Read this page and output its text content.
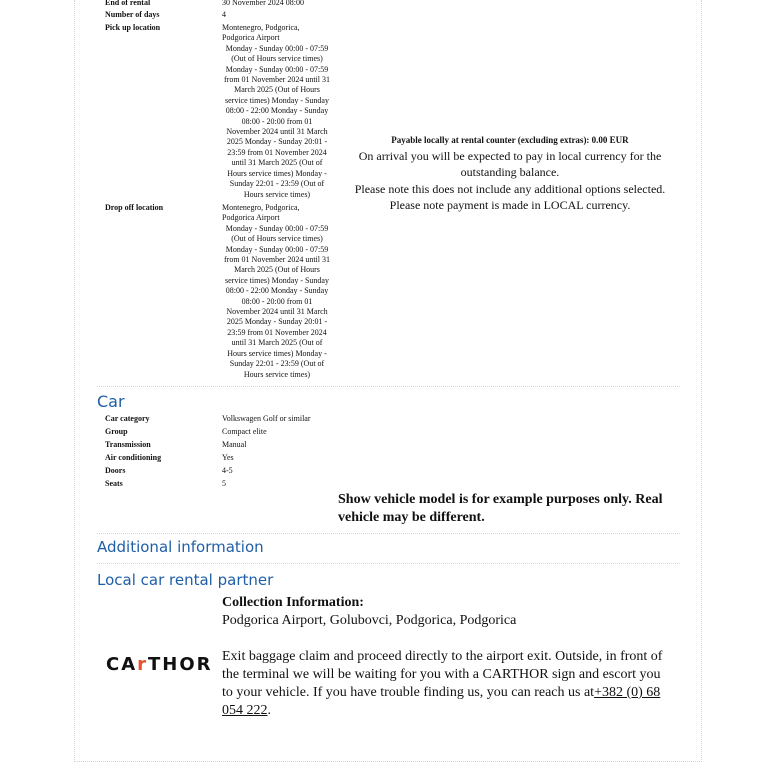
End of rental	30 November 2024 08:00
Number of days	4
Pick up location	Montenegro, Podgorica,
Podgorica Airport
Monday - Sunday 00:00 - 07:59
(Out of Hours service times)
Monday - Sunday 00:00 - 07:59
from 01 November 2024 until 31
March 2025 (Out of Hours
service times) Monday - Sunday
08:00 - 22:00 Monday - Sunday
08:00 - 20:00 from 01
November 2024 until 31 March
2025 Monday - Sunday 20:01 -
23:59 from 01 November 2024
until 31 March 2025 (Out of
Hours service times) Monday -
Sunday 22:01 - 23:59 (Out of
Hours service times)
Drop off location	Montenegro, Podgorica,
Podgorica Airport
Monday - Sunday 00:00 - 07:59
(Out of Hours service times)
Monday - Sunday 00:00 - 07:59
from 01 November 2024 until 31
March 2025 (Out of Hours
service times) Monday - Sunday
08:00 - 22:00 Monday - Sunday
08:00 - 20:00 from 01
November 2024 until 31 March
2025 Monday - Sunday 20:01 -
23:59 from 01 November 2024
until 31 March 2025 (Out of
Hours service times) Monday -
Sunday 22:01 - 23:59 (Out of
Hours service times)
Payable locally at rental counter (excluding extras): 0.00 EUR
On arrival you will be expected to pay in local currency for the
outstanding balance.
Please note this does not include any additional options selected.
Please note payment is made in LOCAL currency.
Car
Car category	Volkswagen Golf or similar
Group	Compact elite
Transmission	Manual
Air conditioning	Yes
Doors	4-5
Seats	5
Show vehicle model is for example purposes only. Real
vehicle may be different.
Additional information
Local car rental partner
Collection Information:
Podgorica Airport, Golubovci, Podgorica, Podgorica
CArTHOR Exit baggage claim and proceed directly to the airport exit. Outside, in front of
the terminal we will be waiting for you with a CARTHOR sign and escort you
to your vehicle. If you have trouble finding us, you can reach us at+382 (0) 68
054 222.
